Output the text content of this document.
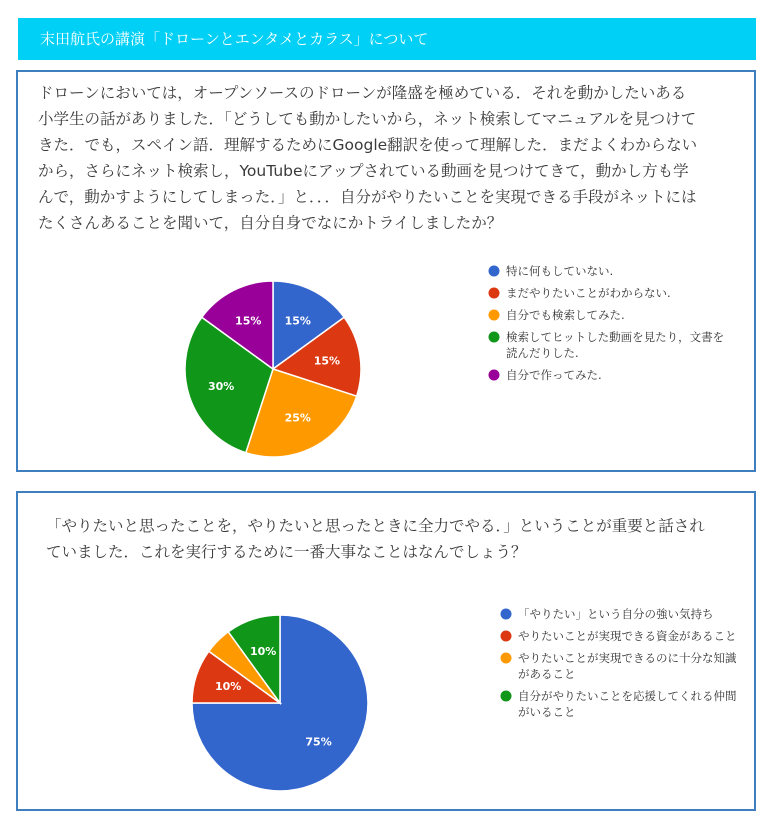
末田航氏の講演「ドローンとエンタメとカラス」について
ドローンにおいては，オープンソースのドローンが隆盛を極めている．それを動かしたいある小学生の話がありました．「どうしても動かしたいから，ネット検索してマニュアルを見つけてきた．でも，スペイン語．理解するためにGoogle翻訳を使って理解した．まだよくわからないから，さらにネット検索し，YouTubeにアップされている動画を見つけてきて，動かし方も学んで，動かすようにしてしまった．」と．．．自分がやりたいことを実現できる手段がネットにはたくさんあることを聞いて，自分自身でなにかトライしましたか？
15%
15%
25%
30%
15%
特に何もしていない.
まだやりたいことがわからない.
自分でも検索してみた.
検索してヒットした動画を見たり，文書を読んだりした.
自分で作ってみた.
「やりたいと思ったことを，やりたいと思ったときに全力でやる．」ということが重要と話されていました．これを実行するために一番大事なことはなんでしょう？
75%
10%
10%
「やりたい」という自分の強い気持ち
やりたいことが実現できる資金があること
やりたいことが実現できるのに十分な知識があること
自分がやりたいことを応援してくれる仲間がいること
